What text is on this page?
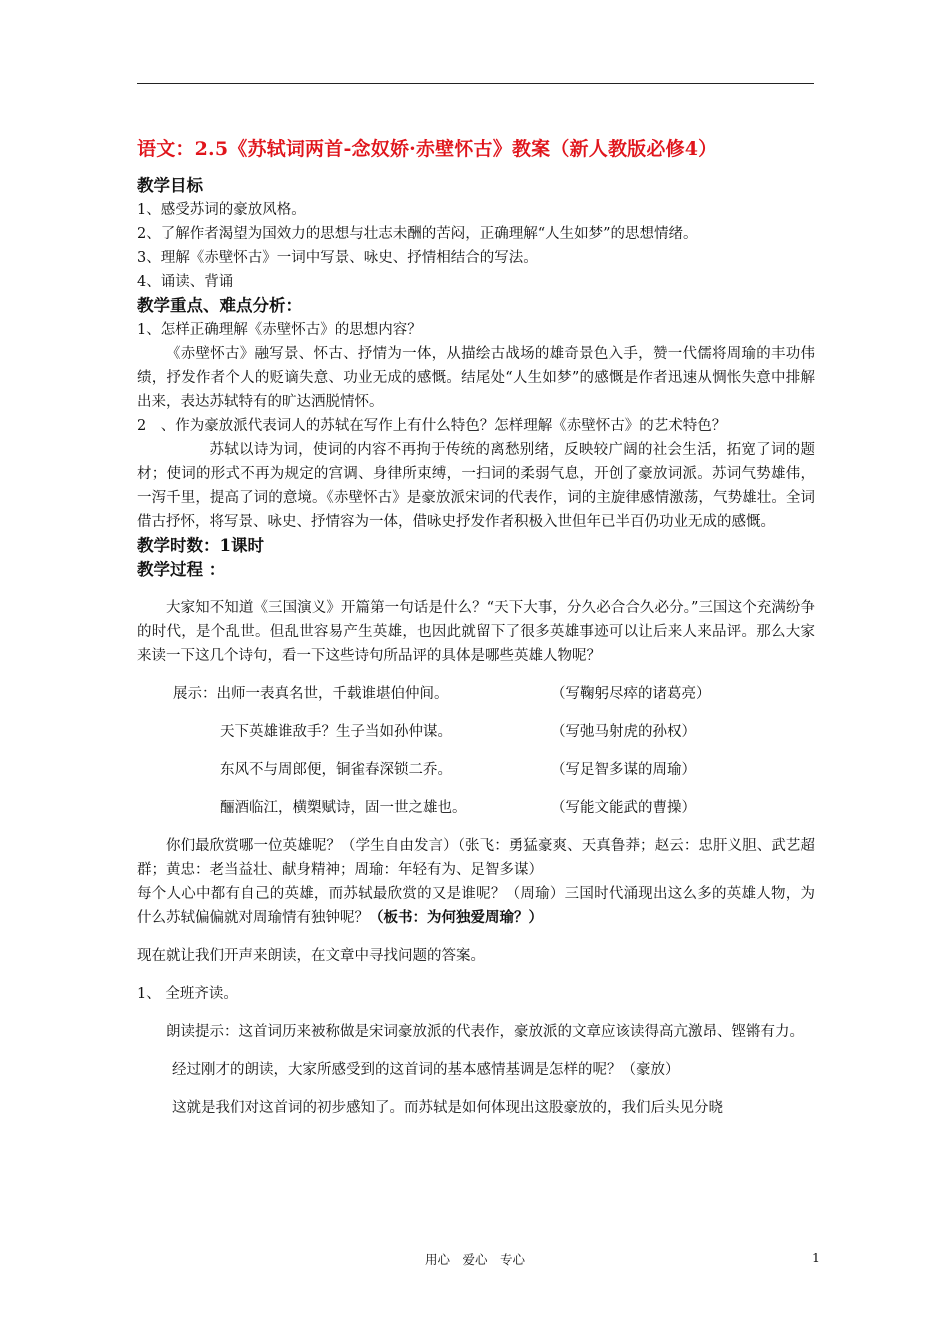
语文：2.5《苏轼词两首-念奴娇·赤壁怀古》教案（新人教版必修4）
教学目标
1、感受苏词的豪放风格。
2、了解作者渴望为国效力的思想与壮志未酬的苦闷，正确理解“人生如梦”的思想情绪。
3、理解《赤壁怀古》一词中写景、咏史、抒情相结合的写法。
4、诵读、背诵
教学重点、难点分析：
1、怎样正确理解《赤壁怀古》的思想内容？
《赤壁怀古》融写景、怀古、抒情为一体，从描绘古战场的雄奇景色入手，赞一代儒将周瑜的丰功伟绩，抒发作者个人的贬谪失意、功业无成的感慨。结尾处“人生如梦”的感慨是作者迅速从惆怅失意中排解出来，表达苏轼特有的旷达洒脱情怀。
2　、作为豪放派代表词人的苏轼在写作上有什么特色？怎样理解《赤壁怀古》的艺术特色？
苏轼以诗为词，使词的内容不再拘于传统的离愁别绪，反映较广阔的社会生活，拓宽了词的题材；使词的形式不再为规定的宫调、身律所束缚，一扫词的柔弱气息，开创了豪放词派。苏词气势雄伟，一泻千里，提高了词的意境。《赤壁怀古》是豪放派宋词的代表作，词的主旋律感情激荡，气势雄壮。全词借古抒怀，将写景、咏史、抒情容为一体，借咏史抒发作者积极入世但年已半百仍功业无成的感慨。
教学时数：1课时
教学过程 ：
大家知不知道《三国演义》开篇第一句话是什么？“天下大事，分久必合合久必分。”三国这个充满纷争的时代，是个乱世。但乱世容易产生英雄，也因此就留下了很多英雄事迹可以让后来人来品评。那么大家来读一下这几个诗句，看一下这些诗句所品评的具体是哪些英雄人物呢？
展示：出师一表真名世，千载谁堪伯仲间。	（写鞠躬尽瘁的诸葛亮）
天下英雄谁敌手？生子当如孙仲谋。	（写弛马射虎的孙权）
东风不与周郎便，铜雀春深锁二乔。	（写足智多谋的周瑜）
酾酒临江，横槊赋诗，固一世之雄也。	（写能文能武的曹操）
你们最欣赏哪一位英雄呢？（学生自由发言）（张飞：勇猛豪爽、天真鲁莽；赵云：忠肝义胆、武艺超群；黄忠：老当益壮、献身精神；周瑜：年轻有为、足智多谋）
每个人心中都有自己的英雄，而苏轼最欣赏的又是谁呢？（周瑜）三国时代涌现出这么多的英雄人物，为什么苏轼偏偏就对周瑜情有独钟呢？（板书：为何独爱周瑜？）
现在就让我们开声来朗读，在文章中寻找问题的答案。
1、 全班齐读。
朗读提示：这首词历来被称做是宋词豪放派的代表作，豪放派的文章应该读得高亢激昂、铿锵有力。
经过刚才的朗读，大家所感受到的这首词的基本感情基调是怎样的呢？（豪放）
这就是我们对这首词的初步感知了。而苏轼是如何体现出这股豪放的，我们后头见分晓
用心　爱心　专心	1
